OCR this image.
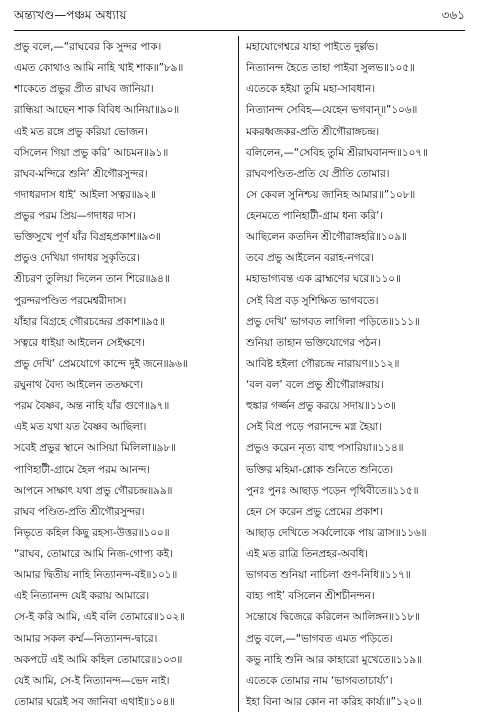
অন্ত্যখণ্ড—পঞ্চম অধ্যায়	৩৬১
প্রভু বলে,—“রাঘবের কি সুন্দর পাক।
এমত কোথাও আমি নাহি খাই শাক॥”৮৯॥
শাকেতে প্রভুর প্রীত রাঘব জানিয়া।
রান্ধিয়া আছেন শাক বিবিধ আনিয়া॥৯০॥
এই মত রঙ্গে প্রভু করিয়া ভোজন।
বসিলেন গিয়া প্রভু করি’ আচমন॥৯১॥
রাঘব-মন্দিরে শুনি’ শ্রীগৌরসুন্দর।
গদাধরদাস ধাই’ আইলা সত্বর॥৯২॥
প্রভুর পরম প্রিয়—গদাধর দাস।
ভক্তিসুখে পূর্ণ যাঁর বিগ্রহপ্রকাশ॥৯৩॥
প্রভুও দেখিয়া গদাধর সুকৃতিরে।
শ্রীচরণ তুলিয়া দিলেন তান শিরে॥৯৪॥
পুরন্দরপণ্ডিত পরমেশ্বরীদাস।
যাঁহার বিগ্রহে গৌরচন্দ্রের প্রকাশ॥৯৫॥
সত্বরে ধাইয়া আইলেন সেইক্ষণে।
প্রভু দেখি’ প্রেমযোগে কান্দে দুই জনে॥৯৬॥
রঘুনাথ বৈদ্য আইলেন ততক্ষণে।
পরম বৈষ্ণব, অন্ত নাহি যাঁর গুণে॥৯৭॥
এই মত যথা যত বৈষ্ণব আছিলা।
সবেই প্রভুর স্থানে আসিয়া মিলিলা॥৯৮॥
পাণিহাটী-গ্রামে হৈল পরম আনন্দ।
আপনে সাক্ষাৎ যথা প্রভু গৌরচন্দ্র॥৯৯॥
রাঘব পণ্ডিত-প্রতি শ্রীগৌরসুন্দর।
নিভৃতে কহিল কিছু রহস্য-উত্তর॥১০০॥
“রাঘব, তোমারে আমি নিজ-গোপ্য কই।
আমার দ্বিতীয় নাহি নিত্যানন্দ-বই॥১০১॥
এই নিত্যানন্দ যেই করায় আমারে।
সে-ই করি আমি, এই বলি তোমারে॥১০২॥
আমার সকল কর্ম্ম—নিত্যানন্দ-দ্বারে।
অকপটে এই আমি কহিল তোমারে॥১০৩॥
যেই আমি, সে-ই নিত্যানন্দ—ভেদ নাই।
তোমার ঘরেই সব জানিবা এথাই॥১০৪॥
মহাযোগেশ্বরে যাহা পাইতে দুর্ল্লভ।
নিত্যানন্দ হৈতে তাহা পাইবা সুলভ॥১০৫॥
এতেকে হইয়া তুমি মহা-সাবধান।
নিত্যানন্দ সেবিহ—যেহেন ভগবান্॥”১০৬॥
মকরধ্বজকর-প্রতি শ্রীগৌরাঙ্গচন্দ্র।
বলিলেন,—“সেবিহ তুমি শ্রীরাঘবানন্দ॥১০৭॥
রাঘবপণ্ডিত-প্রতি যে প্রীতি তোমার।
সে কেবল সুনিশ্চয় জানিহ আমার॥”১০৮॥
হেনমতে পানিহাটী-গ্রাম ধন্য করি’।
আছিলেন কতদিন শ্রীগৌরাঙ্গহরি॥১০৯॥
তবে প্রভু আইলেন বরাহ-নগরে।
মহাভাগ্যবন্ত এক ব্রাহ্মণের ঘরে॥১১০॥
সেই বিপ্র বড় সুশিক্ষিত ভাগবতে।
প্রভু দেখি’ ভাগবত লাগিলা পড়িতে॥১১১॥
শুনিয়া তাহান ভক্তিযোগের পঠন।
আবিষ্ট হইলা গৌরচন্দ্র নারায়ণ॥১১২॥
‘বল বল’ বলে প্রভু শ্রীগৌরাঙ্গরায়।
হুঙ্কার গর্জ্জন প্রভু করয়ে সদায়॥১১৩॥
সেই বিপ্র পড়ে পরানন্দে মগ্ন হৈয়া।
প্রভুও করেন নৃত্য বাহু পসারিয়া॥১১৪॥
ভক্তির মহিমা-শ্লোক শুনিতে শুনিতে।
পুনঃ পুনঃ আছাড় পড়েন পৃথিবীতে॥১১৫॥
হেন সে করেন প্রভু প্রেমের প্রকাশ।
আছাড় দেখিতে সর্ব্বলোকে পায় ত্রাস॥১১৬॥
এই মত রাত্রি তিনপ্রহর-অবধি।
ভাগবত শুনিয়া নাচিলা গুণ-নিধি॥১১৭॥
বাহ্য পাই’ বসিলেন শ্রীশচীনন্দন।
সন্তোষে দ্বিজেরে করিলেন আলিঙ্গন॥১১৮॥
প্রভু বলে,—“ভাগবত এমত পড়িতে।
কভু নাহি শুনি আর কাহারো মুখেতে॥১১৯॥
এতেকে তোমার নাম ‘ভাগবতাচার্য্য’।
ইহা বিনা আর কোন না করিহ কার্য্য॥”১২০॥
